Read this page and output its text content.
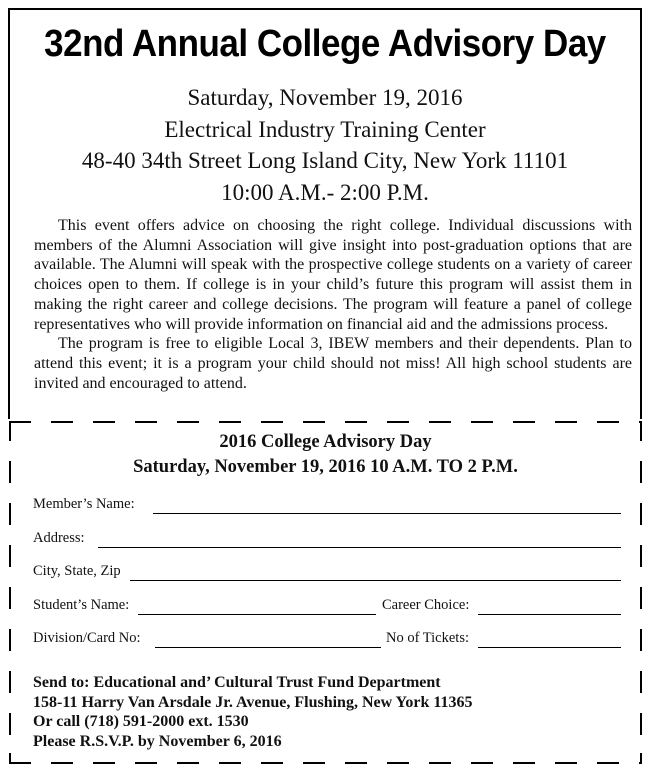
32nd Annual College Advisory Day
Saturday, November 19, 2016
Electrical Industry Training Center
48-40 34th Street Long Island City, New York 11101
10:00 A.M.- 2:00 P.M.

This event offers advice on choosing the right college. Individual discussions with members of the Alumni Association will give insight into post-graduation options that are available. The Alumni will speak with the prospective college students on a variety of career choices open to them. If college is in your child’s future this program will assist them in making the right career and college decisions. The program will feature a panel of college representatives who will provide information on financial aid and the admissions process.

The program is free to eligible Local 3, IBEW members and their dependents. Plan to attend this event; it is a program your child should not miss! All high school students are invited and encouraged to attend.

2016 College Advisory Day
Saturday, November 19, 2016 10 A.M. TO 2 P.M.
Member’s Name:
Address:
City, State, Zip
Student’s Name:	Career Choice:
Division/Card No:	No of Tickets:
Send to: Educational and’ Cultural Trust Fund Department
158-11 Harry Van Arsdale Jr. Avenue, Flushing, New York 11365
Or call (718) 591-2000 ext. 1530
Please R.S.V.P. by November 6, 2016
